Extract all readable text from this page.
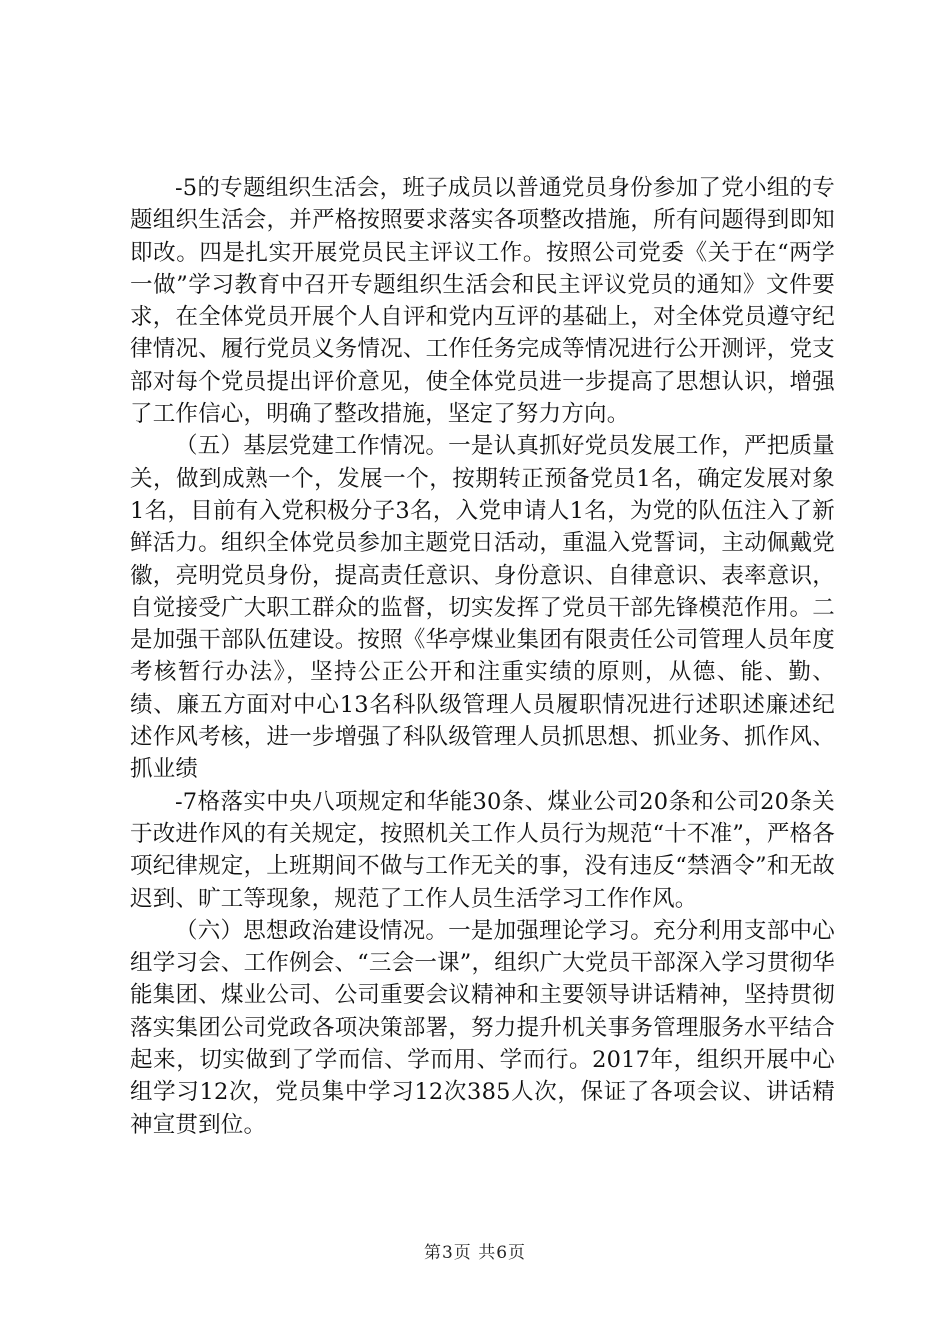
-5的专题组织生活会，班子成员以普通党员身份参加了党小组的专题组织生活会，并严格按照要求落实各项整改措施，所有问题得到即知即改。四是扎实开展党员民主评议工作。按照公司党委《关于在“两学一做”学习教育中召开专题组织生活会和民主评议党员的通知》文件要求，在全体党员开展个人自评和党内互评的基础上，对全体党员遵守纪律情况、履行党员义务情况、工作任务完成等情况进行公开测评，党支部对每个党员提出评价意见，使全体党员进一步提高了思想认识，增强了工作信心，明确了整改措施，坚定了努力方向。

（五）基层党建工作情况。一是认真抓好党员发展工作，严把质量关，做到成熟一个，发展一个，按期转正预备党员1名，确定发展对象1名，目前有入党积极分子3名，入党申请人1名，为党的队伍注入了新鲜活力。组织全体党员参加主题党日活动，重温入党誓词，主动佩戴党徽，亮明党员身份，提高责任意识、身份意识、自律意识、表率意识，自觉接受广大职工群众的监督，切实发挥了党员干部先锋模范作用。二是加强干部队伍建设。按照《华亭煤业集团有限责任公司管理人员年度考核暂行办法》，坚持公正公开和注重实绩的原则，从德、能、勤、绩、廉五方面对中心13名科队级管理人员履职情况进行述职述廉述纪述作风考核，进一步增强了科队级管理人员抓思想、抓业务、抓作风、抓业绩

-7格落实中央八项规定和华能30条、煤业公司20条和公司20条关于改进作风的有关规定，按照机关工作人员行为规范“十不准”，严格各项纪律规定，上班期间不做与工作无关的事，没有违反“禁酒令”和无故迟到、旷工等现象，规范了工作人员生活学习工作作风。

（六）思想政治建设情况。一是加强理论学习。充分利用支部中心组学习会、工作例会、“三会一课”，组织广大党员干部深入学习贯彻华能集团、煤业公司、公司重要会议精神和主要领导讲话精神，坚持贯彻落实集团公司党政各项决策部署，努力提升机关事务管理服务水平结合起来，切实做到了学而信、学而用、学而行。2017年，组织开展中心组学习12次，党员集中学习12次385人次，保证了各项会议、讲话精神宣贯到位。

第3页 共6页
